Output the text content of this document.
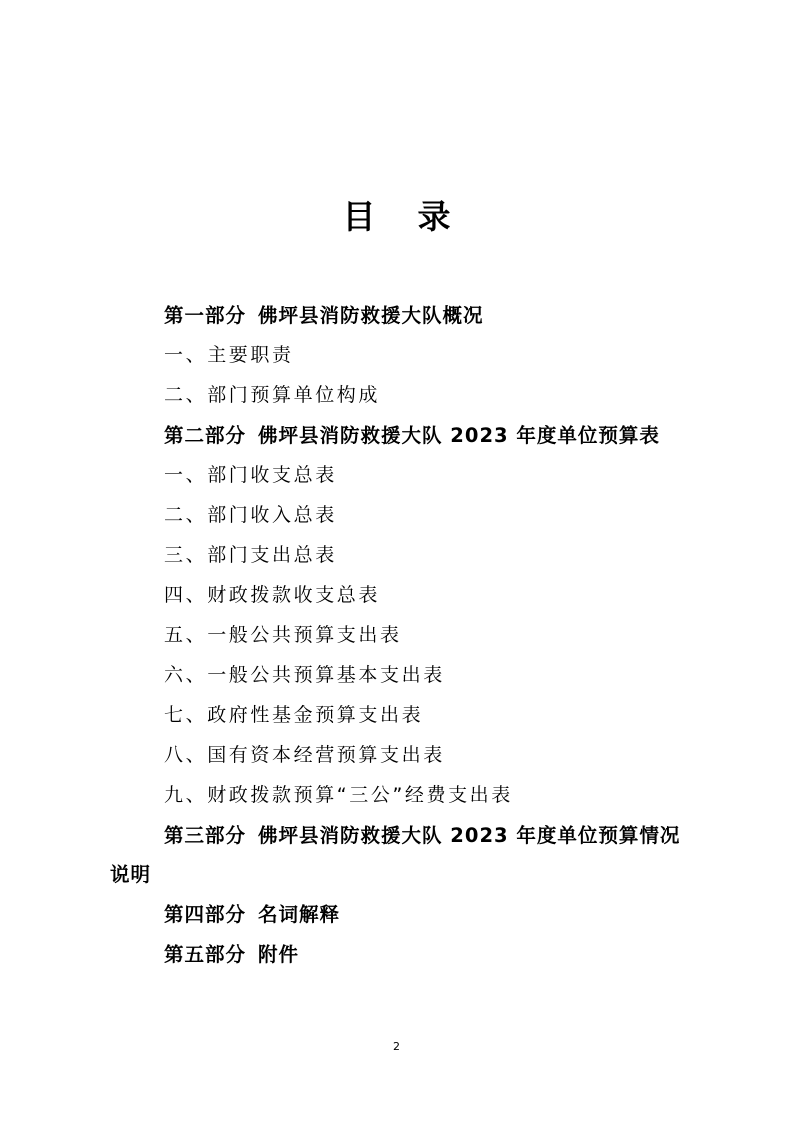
目 录
第一部分 佛坪县消防救援大队概况
一、主要职责
二、部门预算单位构成
第二部分 佛坪县消防救援大队 2023 年度单位预算表
一、部门收支总表
二、部门收入总表
三、部门支出总表
四、财政拨款收支总表
五、一般公共预算支出表
六、一般公共预算基本支出表
七、政府性基金预算支出表
八、国有资本经营预算支出表
九、财政拨款预算“三公”经费支出表
第三部分 佛坪县消防救援大队 2023 年度单位预算情况
说明
第四部分 名词解释
第五部分 附件
2
